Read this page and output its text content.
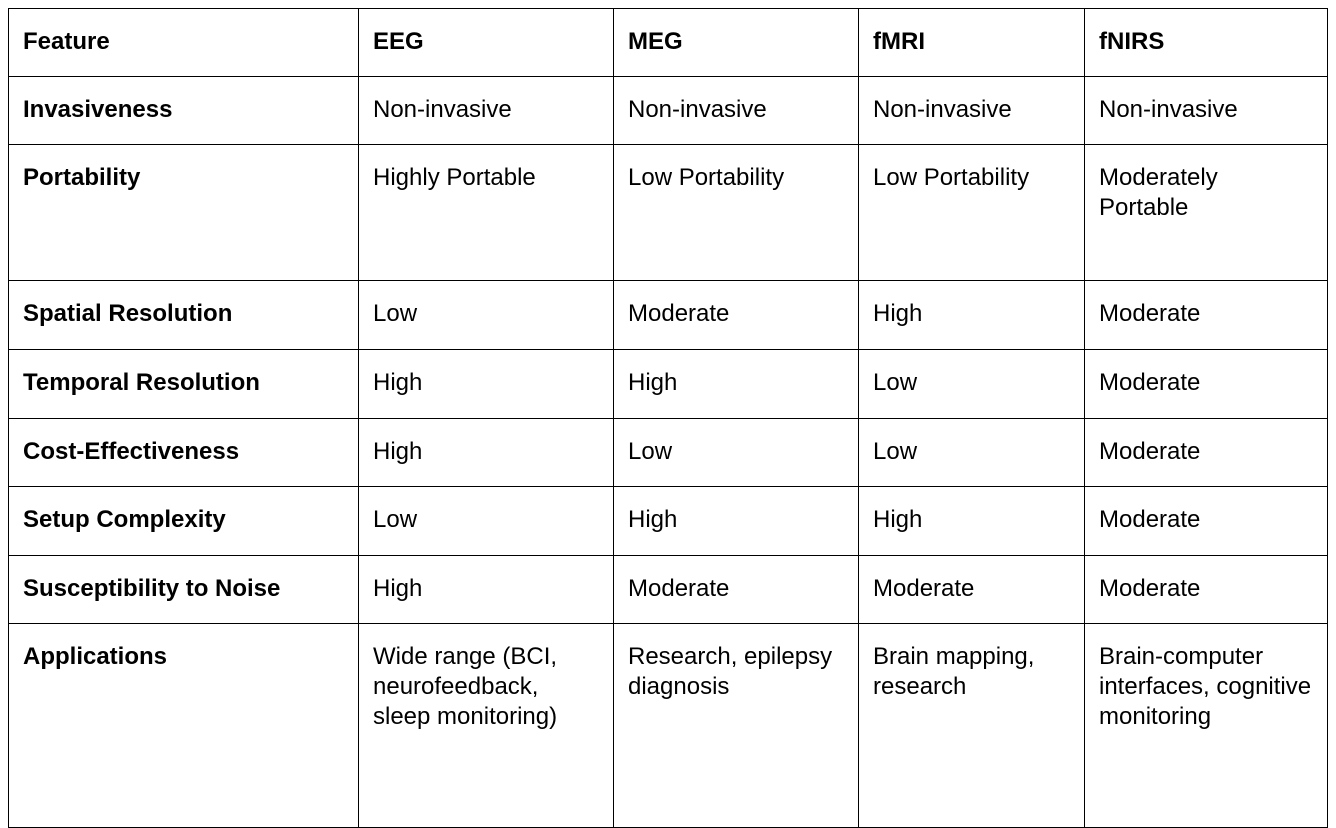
Feature	EEG	MEG	fMRI	fNIRS
Invasiveness	Non-invasive	Non-invasive	Non-invasive	Non-invasive
Portability	Highly Portable	Low Portability	Low Portability	Moderately Portable
Spatial Resolution	Low	Moderate	High	Moderate
Temporal Resolution	High	High	Low	Moderate
Cost-Effectiveness	High	Low	Low	Moderate
Setup Complexity	Low	High	High	Moderate
Susceptibility to Noise	High	Moderate	Moderate	Moderate
Applications	Wide range (BCI, neurofeedback, sleep monitoring)	Research, epilepsy diagnosis	Brain mapping, research	Brain-computer interfaces, cognitive monitoring
